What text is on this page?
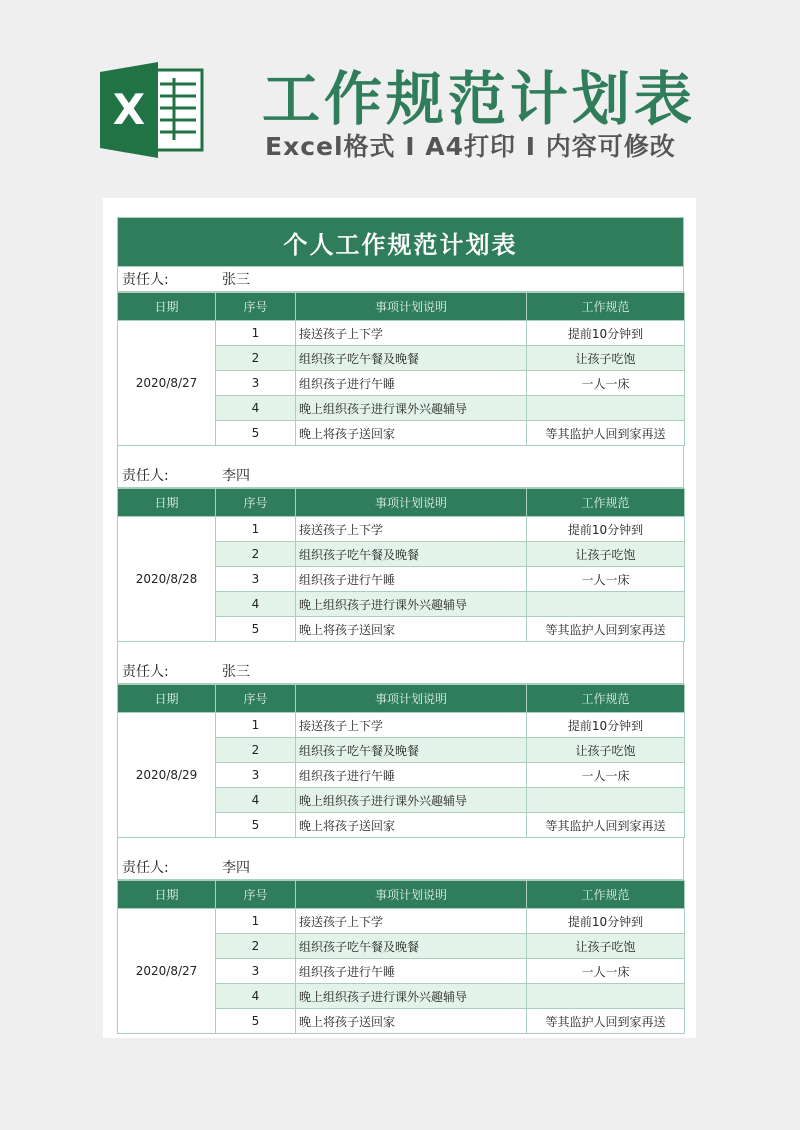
X 工作规范计划表
Excel格式 Ⅰ A4打印 Ⅰ 内容可修改
个人工作规范计划表
责任人:	张三
日期	序号	事项计划说明	工作规范
2020/8/27	1	接送孩子上下学	提前10分钟到
	2	组织孩子吃午餐及晚餐	让孩子吃饱
	3	组织孩子进行午睡	一人一床
	4	晚上组织孩子进行课外兴趣辅导	
	5	晚上将孩子送回家	等其监护人回到家再送
责任人:	李四
日期	序号	事项计划说明	工作规范
2020/8/28	1	接送孩子上下学	提前10分钟到
	2	组织孩子吃午餐及晚餐	让孩子吃饱
	3	组织孩子进行午睡	一人一床
	4	晚上组织孩子进行课外兴趣辅导	
	5	晚上将孩子送回家	等其监护人回到家再送
责任人:	张三
日期	序号	事项计划说明	工作规范
2020/8/29	1	接送孩子上下学	提前10分钟到
	2	组织孩子吃午餐及晚餐	让孩子吃饱
	3	组织孩子进行午睡	一人一床
	4	晚上组织孩子进行课外兴趣辅导	
	5	晚上将孩子送回家	等其监护人回到家再送
责任人:	李四
日期	序号	事项计划说明	工作规范
2020/8/27	1	接送孩子上下学	提前10分钟到
	2	组织孩子吃午餐及晚餐	让孩子吃饱
	3	组织孩子进行午睡	一人一床
	4	晚上组织孩子进行课外兴趣辅导	
	5	晚上将孩子送回家	等其监护人回到家再送
